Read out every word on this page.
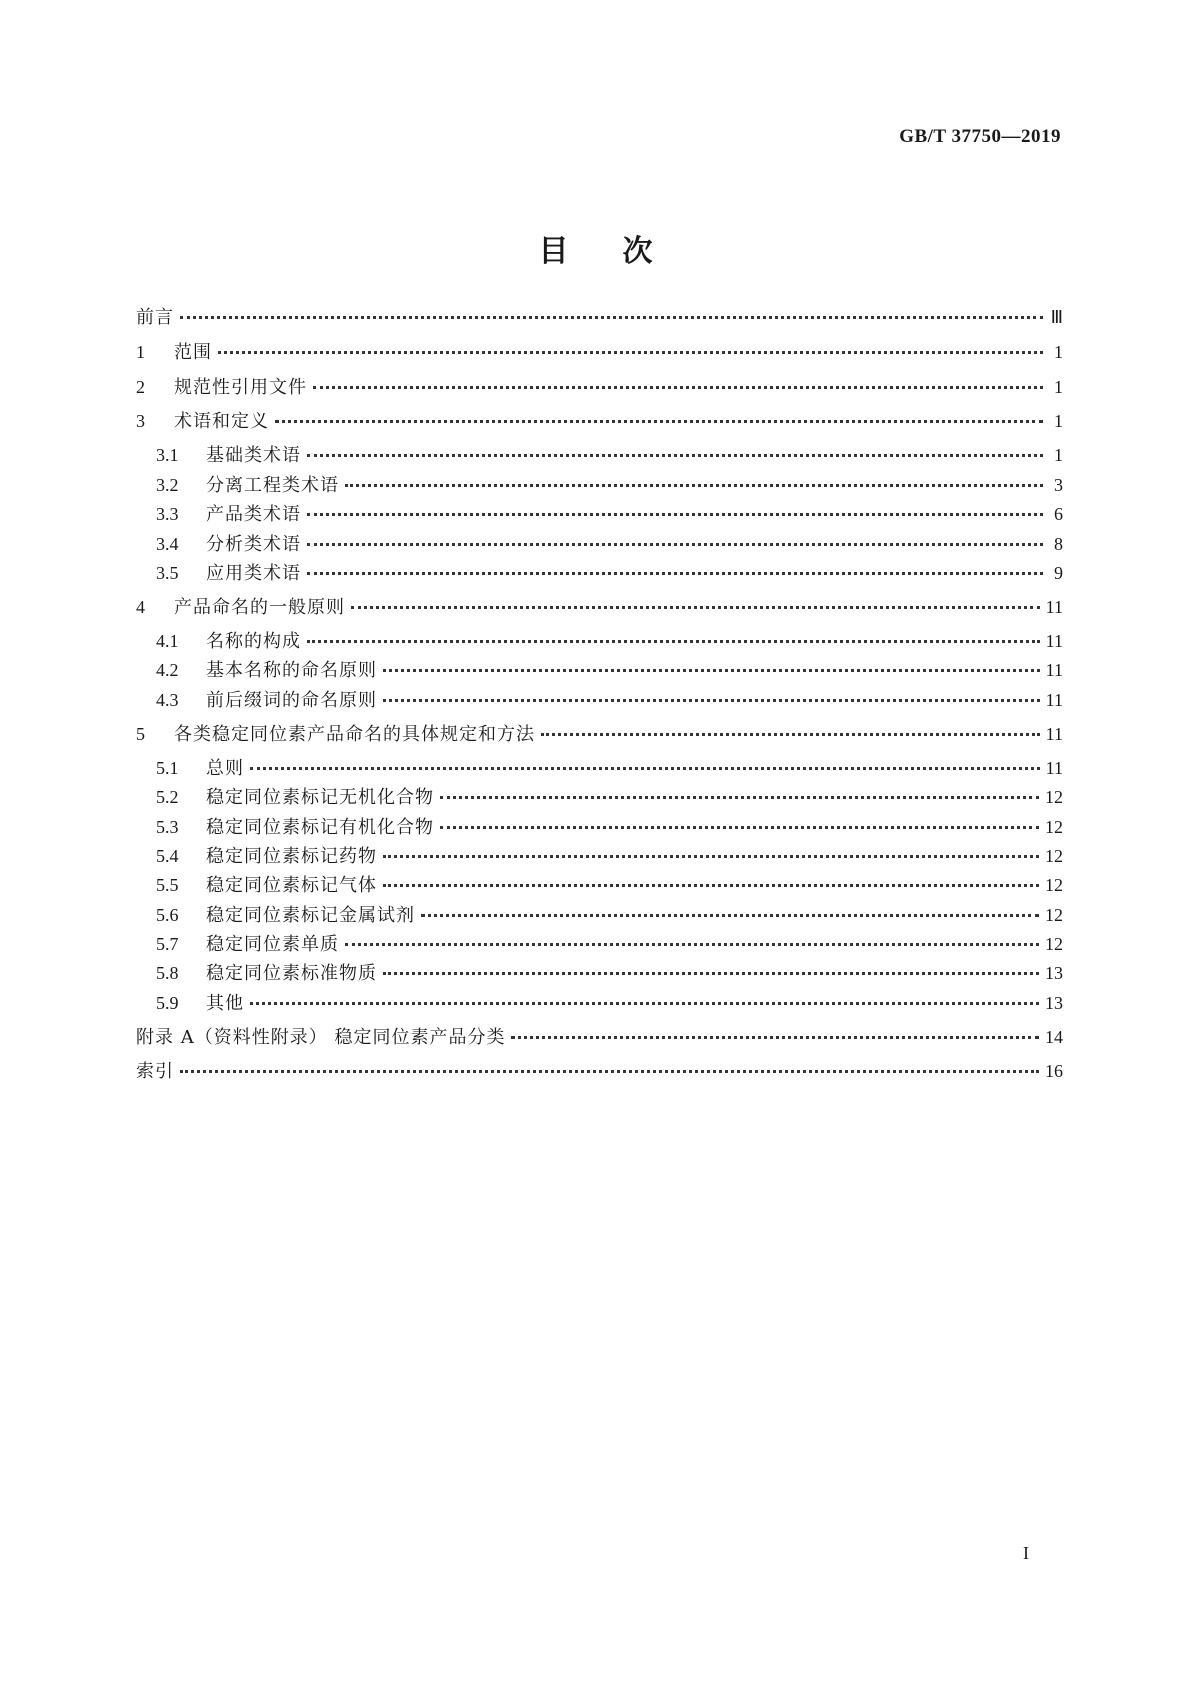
GB/T 37750—2019
目次
前言	Ⅲ
1	范围	1
2	规范性引用文件	1
3	术语和定义	1
3.1	基础类术语	1
3.2	分离工程类术语	3
3.3	产品类术语	6
3.4	分析类术语	8
3.5	应用类术语	9
4	产品命名的一般原则	11
4.1	名称的构成	11
4.2	基本名称的命名原则	11
4.3	前后缀词的命名原则	11
5	各类稳定同位素产品命名的具体规定和方法	11
5.1	总则	11
5.2	稳定同位素标记无机化合物	12
5.3	稳定同位素标记有机化合物	12
5.4	稳定同位素标记药物	12
5.5	稳定同位素标记气体	12
5.6	稳定同位素标记金属试剂	12
5.7	稳定同位素单质	12
5.8	稳定同位素标准物质	13
5.9	其他	13
附录 A（资料性附录） 稳定同位素产品分类	14
索引	16
I
